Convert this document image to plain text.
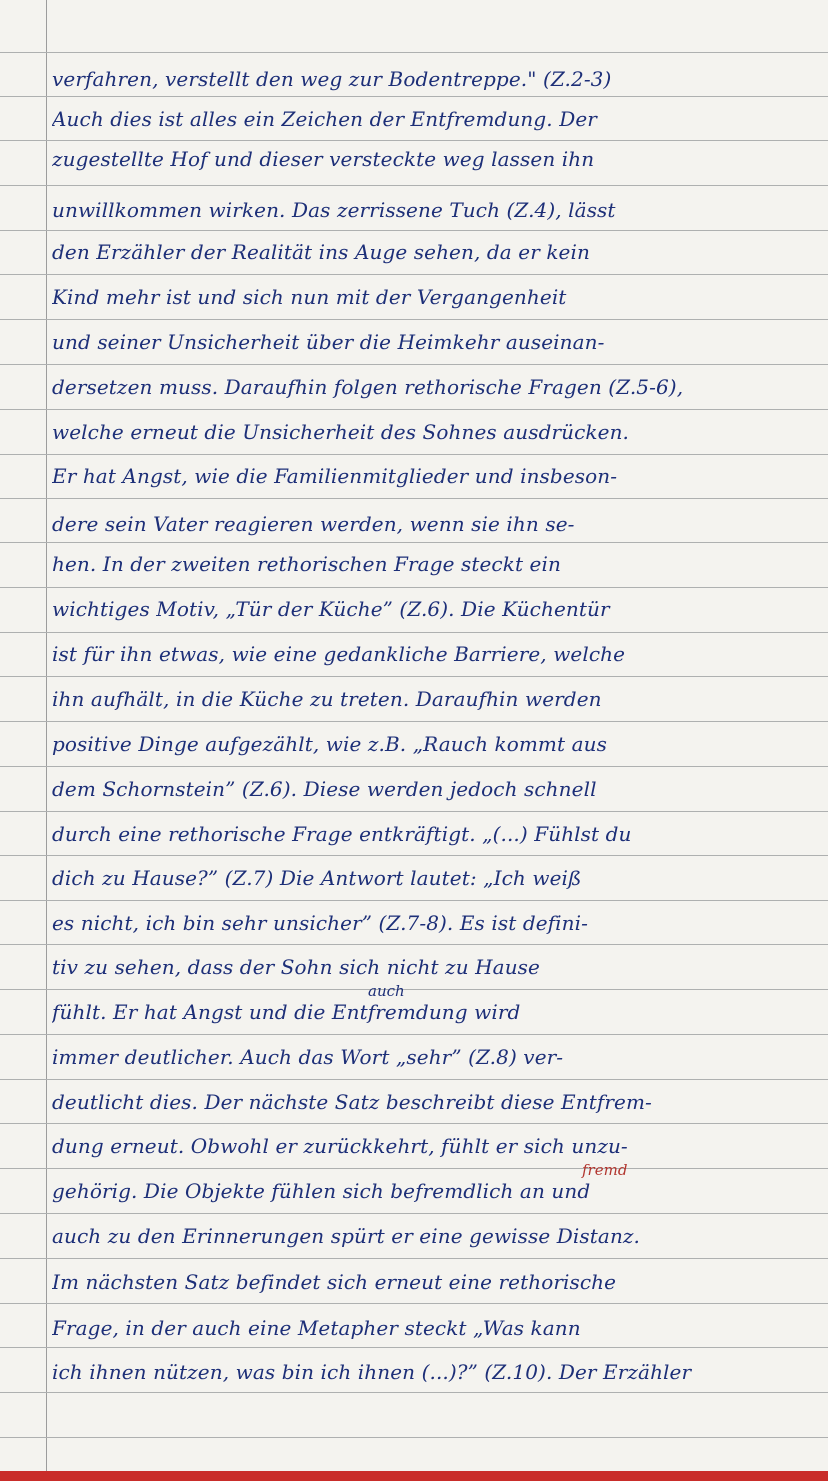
verfahren, verstellt den weg zur Bodentreppe." (Z.2-3)
Auch dies ist alles ein Zeichen der Entfremdung. Der
zugestellte Hof und dieser versteckte weg lassen ihn
unwillkommen wirken. Das zerrissene Tuch (Z.4), lässt
den Erzähler der Realität ins Auge sehen, da er kein
Kind mehr ist und sich nun mit der Vergangenheit
und seiner Unsicherheit über die Heimkehr auseinan-
dersetzen muss. Daraufhin folgen rethorische Fragen (Z.5-6),
welche erneut die Unsicherheit des Sohnes ausdrücken.
Er hat Angst, wie die Familienmitglieder und insbeson-
dere sein Vater reagieren werden, wenn sie ihn se-
hen. In der zweiten rethorischen Frage steckt ein
wichtiges Motiv, „Tür der Küche” (Z.6). Die Küchentür
ist für ihn etwas, wie eine gedankliche Barriere, welche
ihn aufhält, in die Küche zu treten. Daraufhin werden
positive Dinge aufgezählt, wie z.B. „Rauch kommt aus
dem Schornstein” (Z.6). Diese werden jedoch schnell
durch eine rethorische Frage entkräftigt. „(...) Fühlst du
dich zu Hause?” (Z.7) Die Antwort lautet: „Ich weiß
es nicht, ich bin sehr unsicher” (Z.7-8). Es ist defini-
tiv zu sehen, dass der Sohn sich nicht zu Hause
fühlt. Er hat Angst und die Entfremdung wird
immer deutlicher. Auch das Wort „sehr” (Z.8) ver-
deutlicht dies. Der nächste Satz beschreibt diese Entfrem-
dung erneut. Obwohl er zurückkehrt, fühlt er sich unzu-
gehörig. Die Objekte fühlen sich befremdlich an und
auch zu den Erinnerungen spürt er eine gewisse Distanz.
Im nächsten Satz befindet sich erneut eine rethorische
Frage, in der auch eine Metapher steckt „Was kann
ich ihnen nützen, was bin ich ihnen (...)?” (Z.10). Der Erzähler
auch
fremd
